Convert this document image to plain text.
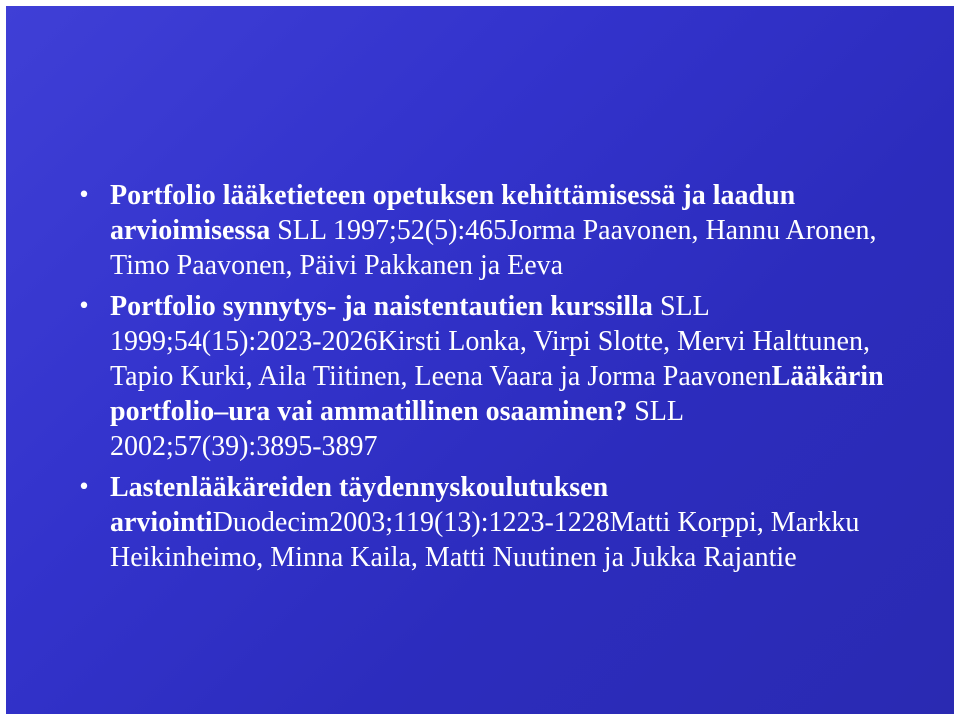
• Portfolio lääketieteen opetuksen kehittämisessä ja laadun arvioimisessa SLL 1997;52(5):465Jorma Paavonen, Hannu Aronen, Timo Paavonen, Päivi Pakkanen ja Eeva
• Portfolio synnytys- ja naistentautien kurssilla SLL 1999;54(15):2023-2026Kirsti Lonka, Virpi Slotte, Mervi Halttunen, Tapio Kurki, Aila Tiitinen, Leena Vaara ja Jorma PaavonenLääkärin portfolio–ura vai ammatillinen osaaminen? SLL 2002;57(39):3895-3897
• Lastenlääkäreiden täydennyskoulutuksen arviointiDuodecim2003;119(13):1223-1228Matti Korppi, Markku Heikinheimo, Minna Kaila, Matti Nuutinen ja Jukka Rajantie
